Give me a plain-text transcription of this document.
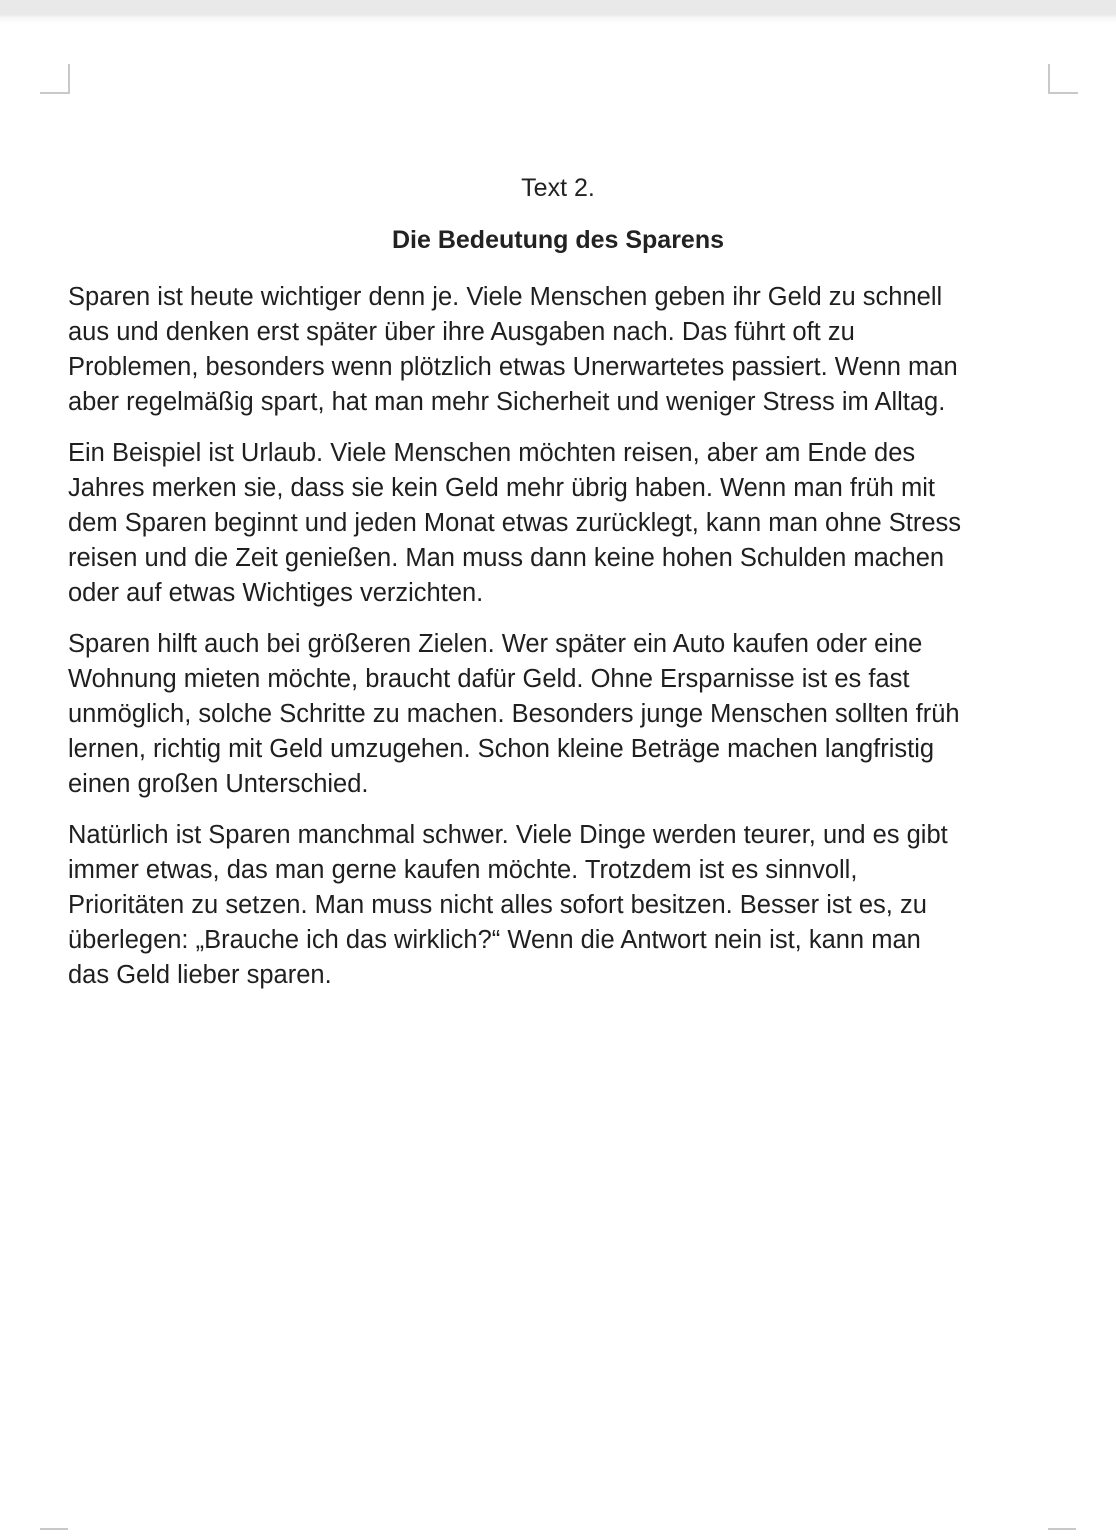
Text 2.
Die Bedeutung des Sparens

Sparen ist heute wichtiger denn je. Viele Menschen geben ihr Geld zu schnell
aus und denken erst später über ihre Ausgaben nach. Das führt oft zu
Problemen, besonders wenn plötzlich etwas Unerwartetes passiert. Wenn man
aber regelmäßig spart, hat man mehr Sicherheit und weniger Stress im Alltag.

Ein Beispiel ist Urlaub. Viele Menschen möchten reisen, aber am Ende des
Jahres merken sie, dass sie kein Geld mehr übrig haben. Wenn man früh mit
dem Sparen beginnt und jeden Monat etwas zurücklegt, kann man ohne Stress
reisen und die Zeit genießen. Man muss dann keine hohen Schulden machen
oder auf etwas Wichtiges verzichten.

Sparen hilft auch bei größeren Zielen. Wer später ein Auto kaufen oder eine
Wohnung mieten möchte, braucht dafür Geld. Ohne Ersparnisse ist es fast
unmöglich, solche Schritte zu machen. Besonders junge Menschen sollten früh
lernen, richtig mit Geld umzugehen. Schon kleine Beträge machen langfristig
einen großen Unterschied.

Natürlich ist Sparen manchmal schwer. Viele Dinge werden teurer, und es gibt
immer etwas, das man gerne kaufen möchte. Trotzdem ist es sinnvoll,
Prioritäten zu setzen. Man muss nicht alles sofort besitzen. Besser ist es, zu
überlegen: „Brauche ich das wirklich?“ Wenn die Antwort nein ist, kann man
das Geld lieber sparen.
